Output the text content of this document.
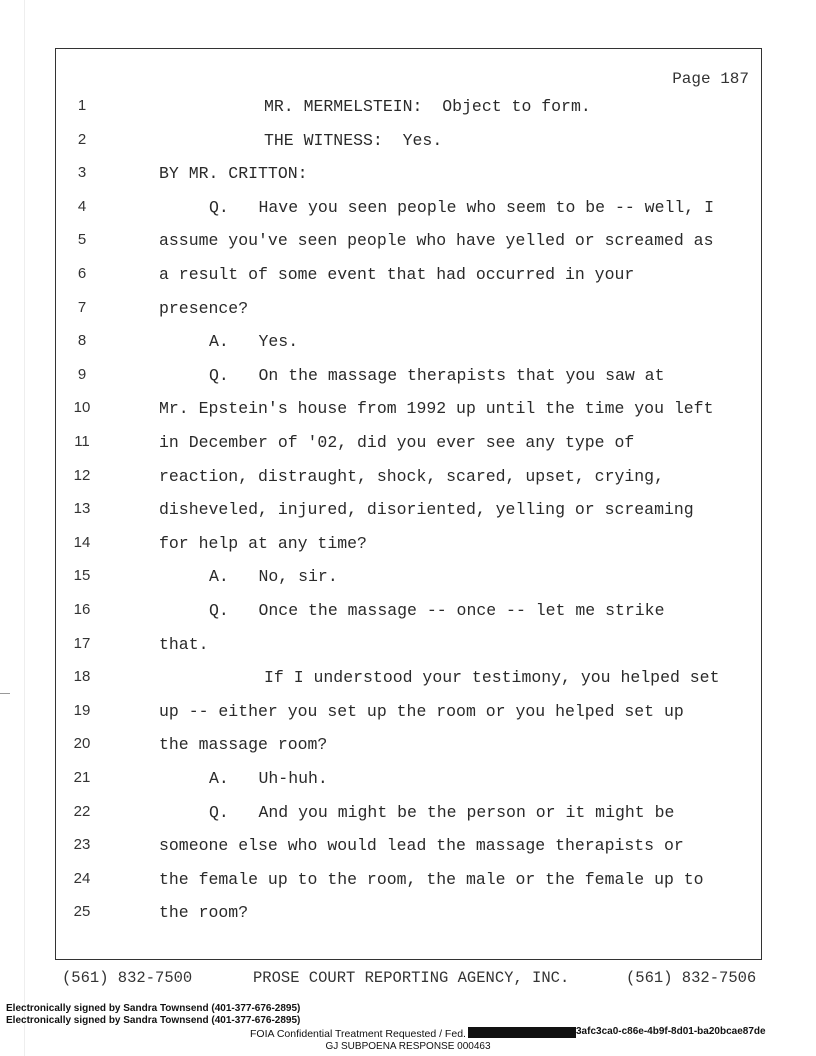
Page 187
1	MR. MERMELSTEIN:  Object to form.
2	THE WITNESS:  Yes.
3	BY MR. CRITTON:
4	Q.   Have you seen people who seem to be -- well, I
5	assume you've seen people who have yelled or screamed as
6	a result of some event that had occurred in your
7	presence?
8	A.   Yes.
9	Q.   On the massage therapists that you saw at
10	Mr. Epstein's house from 1992 up until the time you left
11	in December of '02, did you ever see any type of
12	reaction, distraught, shock, scared, upset, crying,
13	disheveled, injured, disoriented, yelling or screaming
14	for help at any time?
15	A.   No, sir.
16	Q.   Once the massage -- once -- let me strike
17	that.
18	If I understood your testimony, you helped set
19	up -- either you set up the room or you helped set up
20	the massage room?
21	A.   Uh-huh.
22	Q.   And you might be the person or it might be
23	someone else who would lead the massage therapists or
24	the female up to the room, the male or the female up to
25	the room?
(561) 832-7500	PROSE COURT REPORTING AGENCY, INC.	(561) 832-7506
Electronically signed by Sandra Townsend (401-377-676-2895)
Electronically signed by Sandra Townsend (401-377-676-2895)
FOIA Confidential Treatment Requested / Fed.	3afc3ca0-c86e-4b9f-8d01-ba20bcae87de
GJ SUBPOENA RESPONSE 000463
